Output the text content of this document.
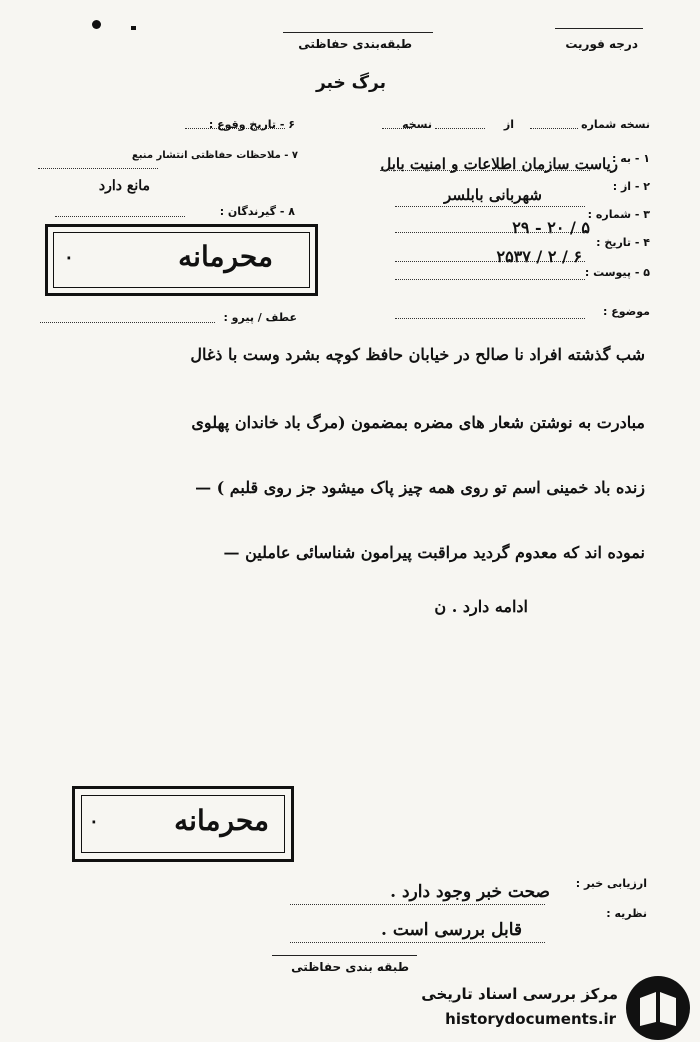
طبقه‌بندی حفاظتی	درجه فوریت
برگ خبر
نسخه شماره
از
نسخه
۶ - تاریخ وقوع :
۱ - به :
ریاست سازمان اطلاعات و امنیت بابل
۲ - از :
شهربانی بابلسر
۳ - شماره :
۲۹ - ۲۰ / ۵
۴ - تاریخ :
۲۵۳۷ / ۲ / ۶
۵ - پیوست :
موضوع :
۷ - ملاحظات حفاظتی انتشار منبع
مانع دارد
۸ - گیرندگان :
محرمانه
۰
عطف / پیرو :
شب گذشته افراد نا صالح در خیابان حافظ کوچه بشرد وست با ذغال
مبادرت به نوشتن شعار های مضره بمضمون (مرگ باد خاندان پهلوی
زنده باد خمینی اسم تو روی همه چیز پاک میشود جز روی قلبم ) —
نموده اند که معدوم گردید مراقبت پیرامون شناسائی عاملین —
ادامه دارد . ن
محرمانه
۰
ارزیابی خبر :
صحت خبر وجود دارد .
نظریه :
قابل بررسی است .
طبقه بندی حفاظتی
مرکز بررسی اسناد تاریخی
historydocuments.ir
